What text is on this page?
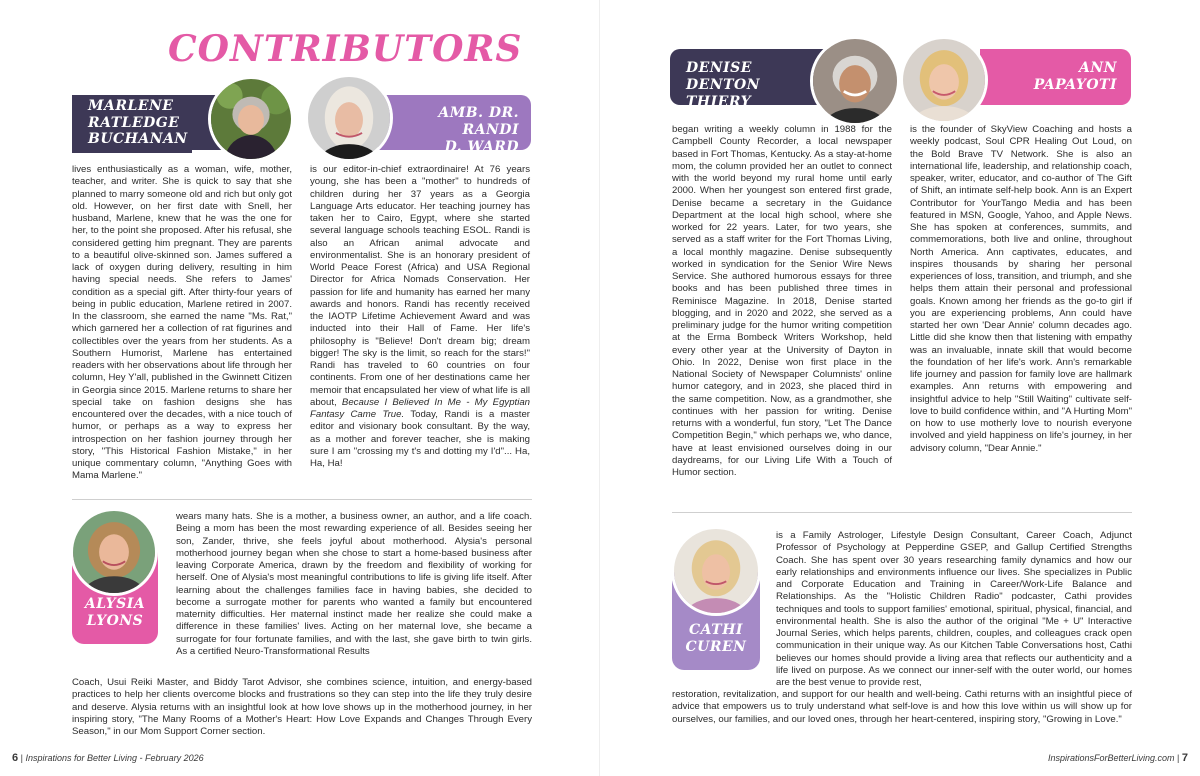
CONTRIBUTORS
MARLENE
RATLEDGE
BUCHANAN
AMB. DR. RANDI
D. WARD
lives enthusiastically as a woman, wife, mother, teacher, and writer. She is quick to say that she planned to marry someone old and rich but only got old. However, on her first date with Snell, her husband, Marlene, knew that he was the one for her, to the point she proposed. After his refusal, she considered getting him pregnant. They are parents to a beautiful olive-skinned son. James suffered a lack of oxygen during delivery, resulting in him having special needs. She refers to James' condition as a special gift. After thirty-four years of being in public education, Marlene retired in 2007. In the classroom, she earned the name "Ms. Rat," which garnered her a collection of rat figurines and collectibles over the years from her students. As a Southern Humorist, Marlene has entertained readers with her observations about life through her column, Hey Y'all, published in the Gwinnett Citizen in Georgia since 2015. Marlene returns to share her special take on fashion designs she has encountered over the decades, with a nice touch of humor, or perhaps as a way to express her introspection on her fashion journey through her story, "This Historical Fashion Mistake," in her unique commentary column, "Anything Goes with Mama Marlene."
is our editor-in-chief extraordinaire! At 76 years young, she has been a "mother" to hundreds of children during her 37 years as a Georgia Language Arts educator. Her teaching journey has taken her to Cairo, Egypt, where she started several language schools teaching ESOL. Randi is also an African animal advocate and environmentalist. She is an honorary president of World Peace Forest (Africa) and USA Regional Director for Africa Nomads Conservation. Her passion for life and humanity has earned her many awards and honors. Randi has recently received the IAOTP Lifetime Achievement Award and was inducted into their Hall of Fame. Her life's philosophy is "Believe! Don't dream big; dream bigger! The sky is the limit, so reach for the stars!" Randi has traveled to 60 countries on four continents. From one of her destinations came her memoir that encapsulated her view of what life is all about, Because I Believed In Me - My Egyptian Fantasy Came True. Today, Randi is a master editor and visionary book consultant. By the way, as a mother and forever teacher, she is making sure I am "crossing my t's and dotting my I'd"... Ha, Ha, Ha!
ALYSIA
LYONS
wears many hats. She is a mother, a business owner, an author, and a life coach. Being a mom has been the most rewarding experience of all. Besides seeing her son, Zander, thrive, she feels joyful about motherhood. Alysia's personal motherhood journey began when she chose to start a home-based business after leaving Corporate America, drawn by the freedom and flexibility of working for herself. One of Alysia's most meaningful contributions to life is giving life itself. After learning about the challenges families face in having babies, she decided to become a surrogate mother for parents who wanted a family but encountered maternity difficulties. Her maternal instinct made her realize she could make a difference in these families' lives. Acting on her maternal love, she became a surrogate for four fortunate families, and with the last, she gave birth to twin girls. As a certified Neuro-Transformational Results
Coach, Usui Reiki Master, and Biddy Tarot Advisor, she combines science, intuition, and energy-based practices to help her clients overcome blocks and frustrations so they can step into the life they truly desire and deserve. Alysia returns with an insightful look at how love shows up in the motherhood journey, in her inspiring story, "The Many Rooms of a Mother's Heart: How Love Expands and Changes Through Every Season," in our Mom Support Corner section.
6 | Inspirations for Better Living - February 2026
DENISE DENTON
THIERY
ANN
PAPAYOTI
began writing a weekly column in 1988 for the Campbell County Recorder, a local newspaper based in Fort Thomas, Kentucky. As a stay-at-home mom, the column provided her an outlet to connect with the world beyond my rural home until early 2000. When her youngest son entered first grade, Denise became a secretary in the Guidance Department at the local high school, where she worked for 22 years. Later, for two years, she served as a staff writer for the Fort Thomas Living, a local monthly magazine. Denise subsequently worked in syndication for the Senior Wire News Service. She authored humorous essays for three books and has been published three times in Reminisce Magazine. In 2018, Denise started blogging, and in 2020 and 2022, she served as a preliminary judge for the humor writing competition at the Erma Bombeck Writers Workshop, held every other year at the University of Dayton in Ohio. In 2022, Denise won first place in the National Society of Newspaper Columnists' online humor category, and in 2023, she placed third in the same competition. Now, as a grandmother, she continues with her passion for writing. Denise returns with a wonderful, fun story, "Let The Dance Competition Begin," which perhaps we, who dance, have at least envisioned ourselves doing in our daydreams, for our Living Life With a Touch of Humor section.
is the founder of SkyView Coaching and hosts a weekly podcast, Soul CPR Healing Out Loud, on the Bold Brave TV Network. She is also an international life, leadership, and relationship coach, speaker, writer, educator, and co-author of The Gift of Shift, an intimate self-help book. Ann is an Expert Contributor for YourTango Media and has been featured in MSN, Google, Yahoo, and Apple News. She has spoken at conferences, summits, and commemorations, both live and online, throughout North America. Ann captivates, educates, and inspires thousands by sharing her personal experiences of loss, transition, and triumph, and she helps them attain their personal and professional goals. Known among her friends as the go-to girl if you are experiencing problems, Ann could have started her own 'Dear Annie' column decades ago. Little did she know then that listening with empathy was an invaluable, innate skill that would become the foundation of her life's work. Ann's remarkable life journey and passion for family love are hallmark examples. Ann returns with empowering and insightful advice to help "Still Waiting" cultivate self-love to build confidence within, and "A Hurting Mom" on how to use motherly love to nourish everyone involved and yield happiness on life's journey, in her advisory column, "Dear Annie."
CATHI
CUREN
is a Family Astrologer, Lifestyle Design Consultant, Career Coach, Adjunct Professor of Psychology at Pepperdine GSEP, and Gallup Certified Strengths Coach. She has spent over 30 years researching family dynamics and how our early relationships and environments influence our lives. She specializes in Public and Corporate Education and Training in Career/Work-Life Balance and Relationships. As the "Holistic Children Radio" podcaster, Cathi provides techniques and tools to support families' emotional, spiritual, physical, financial, and environmental health. She is also the author of the original "Me + U" Interactive Journal Series, which helps parents, children, couples, and colleagues crack open communication in their unique way. As our Kitchen Table Conversations host, Cathi believes our homes should provide a living area that reflects our authenticity and a life lived on purpose. As we connect our inner-self with the outer world, our homes are the best venue to provide rest,
restoration, revitalization, and support for our health and well-being. Cathi returns with an insightful piece of advice that empowers us to truly understand what self-love is and how this love within us will show up for ourselves, our families, and our loved ones, through her heart-centered, inspiring story, "Growing in Love."
InspirationsForBetterLiving.com | 7
